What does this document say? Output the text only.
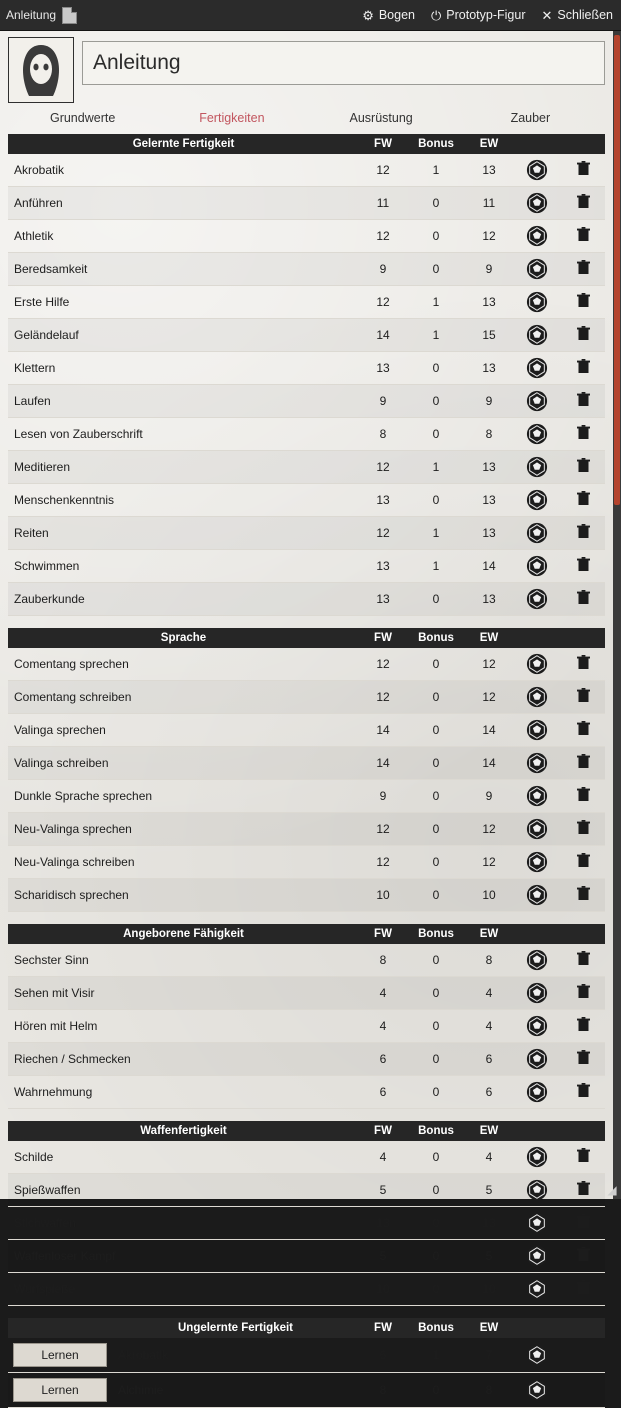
Anleitung	⚙ Bogen ⏻ Prototyp-Figur ✕ Schließen
Anleitung
Grundwerte	Fertigkeiten	Ausrüstung	Zauber
Gelernte Fertigkeit	FW	Bonus	EW		
Akrobatik	12	1	13		

Anführen	11	0	11		

Athletik	12	0	12		

Beredsamkeit	9	0	9		

Erste Hilfe	12	1	13		

Geländelauf	14	1	15		

Klettern	13	0	13		

Laufen	9	0	9		

Lesen von Zauberschrift	8	0	8		

Meditieren	12	1	13		

Menschenkenntnis	13	0	13		

Reiten	12	1	13		

Schwimmen	13	1	14		

Zauberkunde	13	0	13		
Sprache	FW	Bonus	EW		
Comentang sprechen	12	0	12		

Comentang schreiben	12	0	12		

Valinga sprechen	14	0	14		

Valinga schreiben	14	0	14		

Dunkle Sprache sprechen	9	0	9		

Neu-Valinga sprechen	12	0	12		

Neu-Valinga schreiben	12	0	12		

Scharidisch sprechen	10	0	10		
Angeborene Fähigkeit	FW	Bonus	EW		
Sechster Sinn	8	0	8		

Sehen mit Visir	4	0	4		

Hören mit Helm	4	0	4		

Riechen / Schmecken	6	0	6		

Wahrnehmung	6	0	6		
Waffenfertigkeit	FW	Bonus	EW		
Schilde	4	0	4		

Spießwaffen	5	0	5		

Stichwaffen	13	0	13		

Waffenloser Kampf	5	0	5		

Wurfspieße	10	0	10		
	Ungelernte Fertigkeit	FW	Bonus	EW		
Lernen	Akrobatik	6	1	7		
Lernen	Alchimie	8	0	8		
◢
